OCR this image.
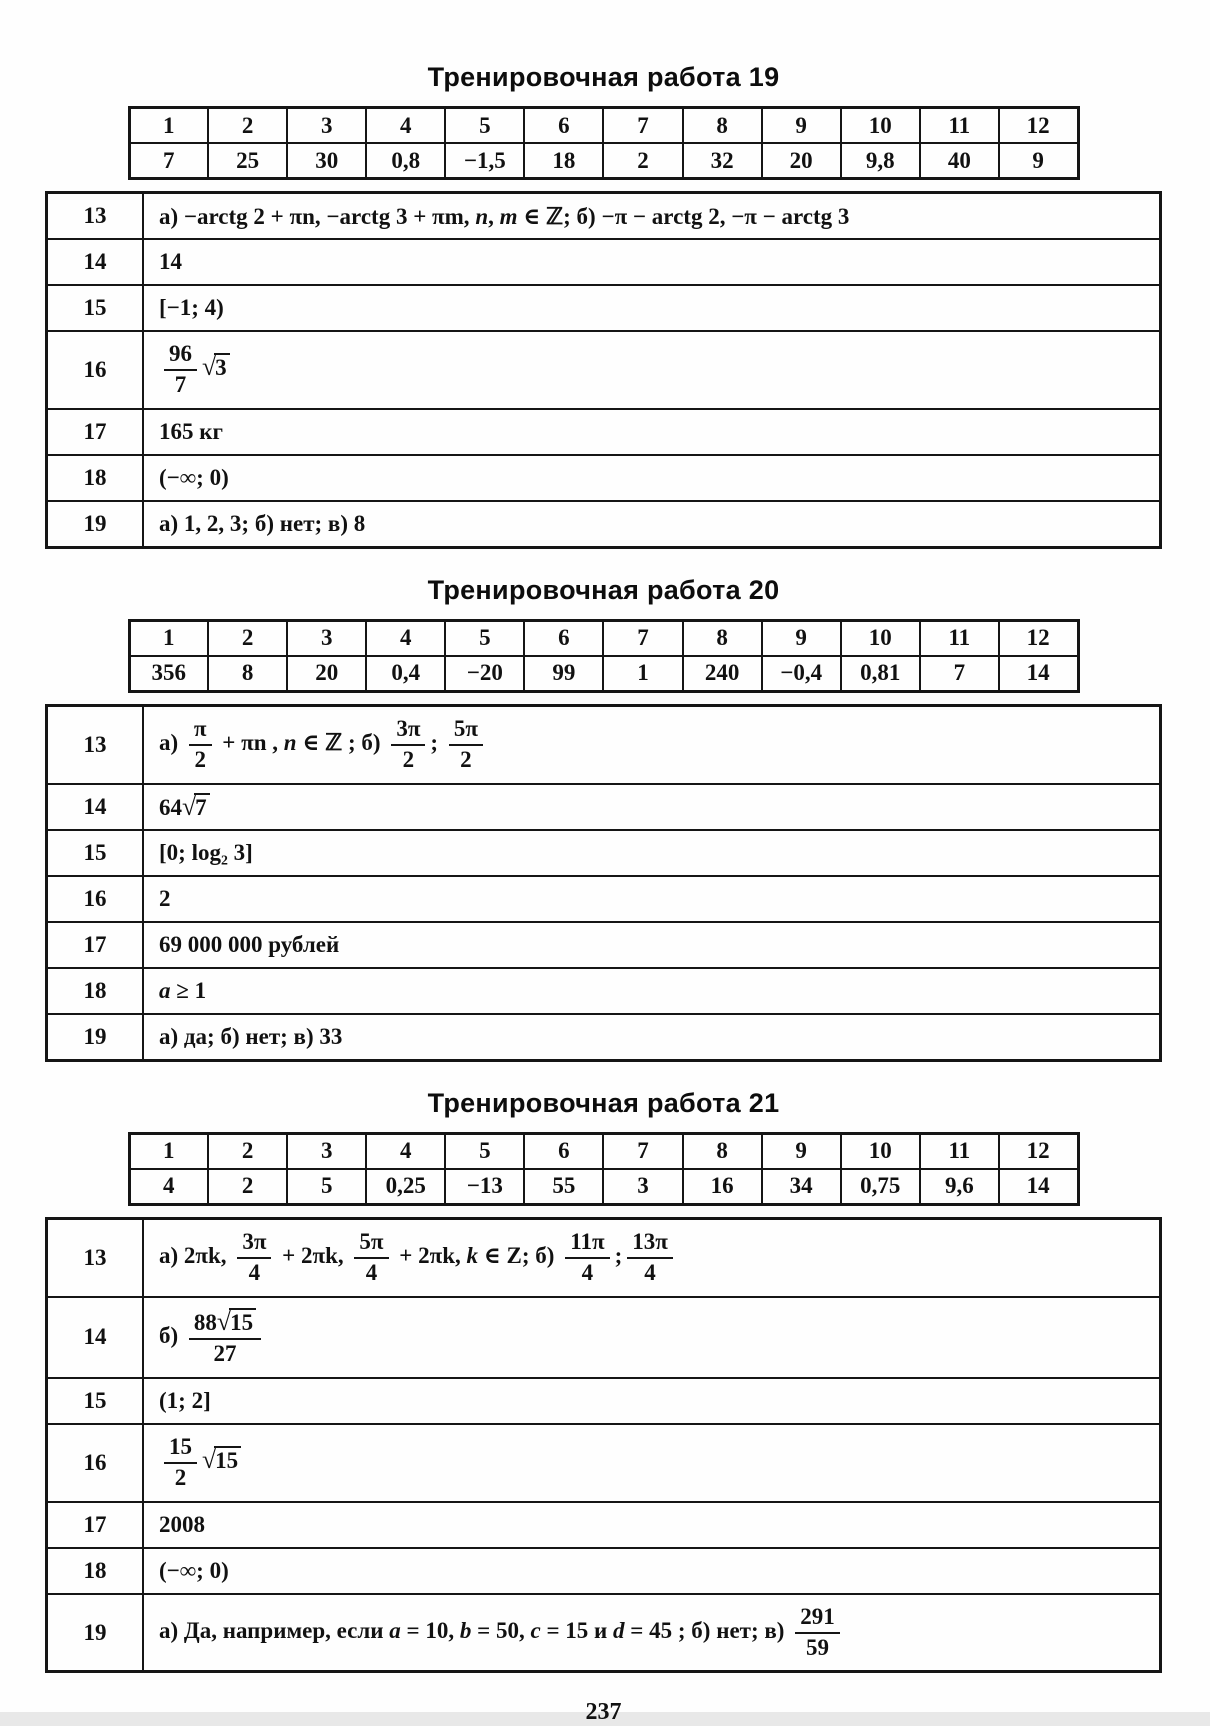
Тренировочная работа 19
1	2	3	4	5	6	7	8	9	10	11	12
7	25	30	0,8	−1,5	18	2	32	20	9,8	40	9
13	а) −arctg 2 + πn, −arctg 3 + πm, n, m ∈ ℤ; б) −π − arctg 2, −π − arctg 3
14	14
15	[−1; 4)
16	$\frac{96}{7} √3$
17	165 кг
18	(−∞; 0)
19	а) 1, 2, 3; б) нет; в) 8
Тренировочная работа 20
1	2	3	4	5	6	7	8	9	10	11	12
356	8	20	0,4	−20	99	1	240	−0,4	0,81	7	14
13	$а) \frac{\pi}{2} + \pi n$ , n ∈ ℤ ; $б) \frac{3\pi}{2}$ ; $\frac{5\pi}{2}$

14	64√7
15	[0; log₂ 3]
16	2
17	69 000 000 рублей
18	a ≥ 1
19	а) да; б) нет; в) 33
Тренировочная работа 21
1	2	3	4	5	6	7	8	9	10	11	12
4	2	5	0,25	−13	55	3	16	34	0,75	9,6	14
13	а) 2πk, $\frac{3\pi}{4} + 2\pi k$, $\frac{5\pi}{4} + 2\pi k$, k ∈ Z; $б) \frac{11\pi}{4}$ ; $\frac{13\pi}{4}$

14	$б) \frac{88√15}{27}$

15	(1; 2]
16	$\frac{15}{2} √15$
17	2008
18	(−∞; 0)
19	а) Да, например, если a = 10, b = 50, c = 15 и d = 45 ; б) нет; $в) \frac{291}{59}$
237
